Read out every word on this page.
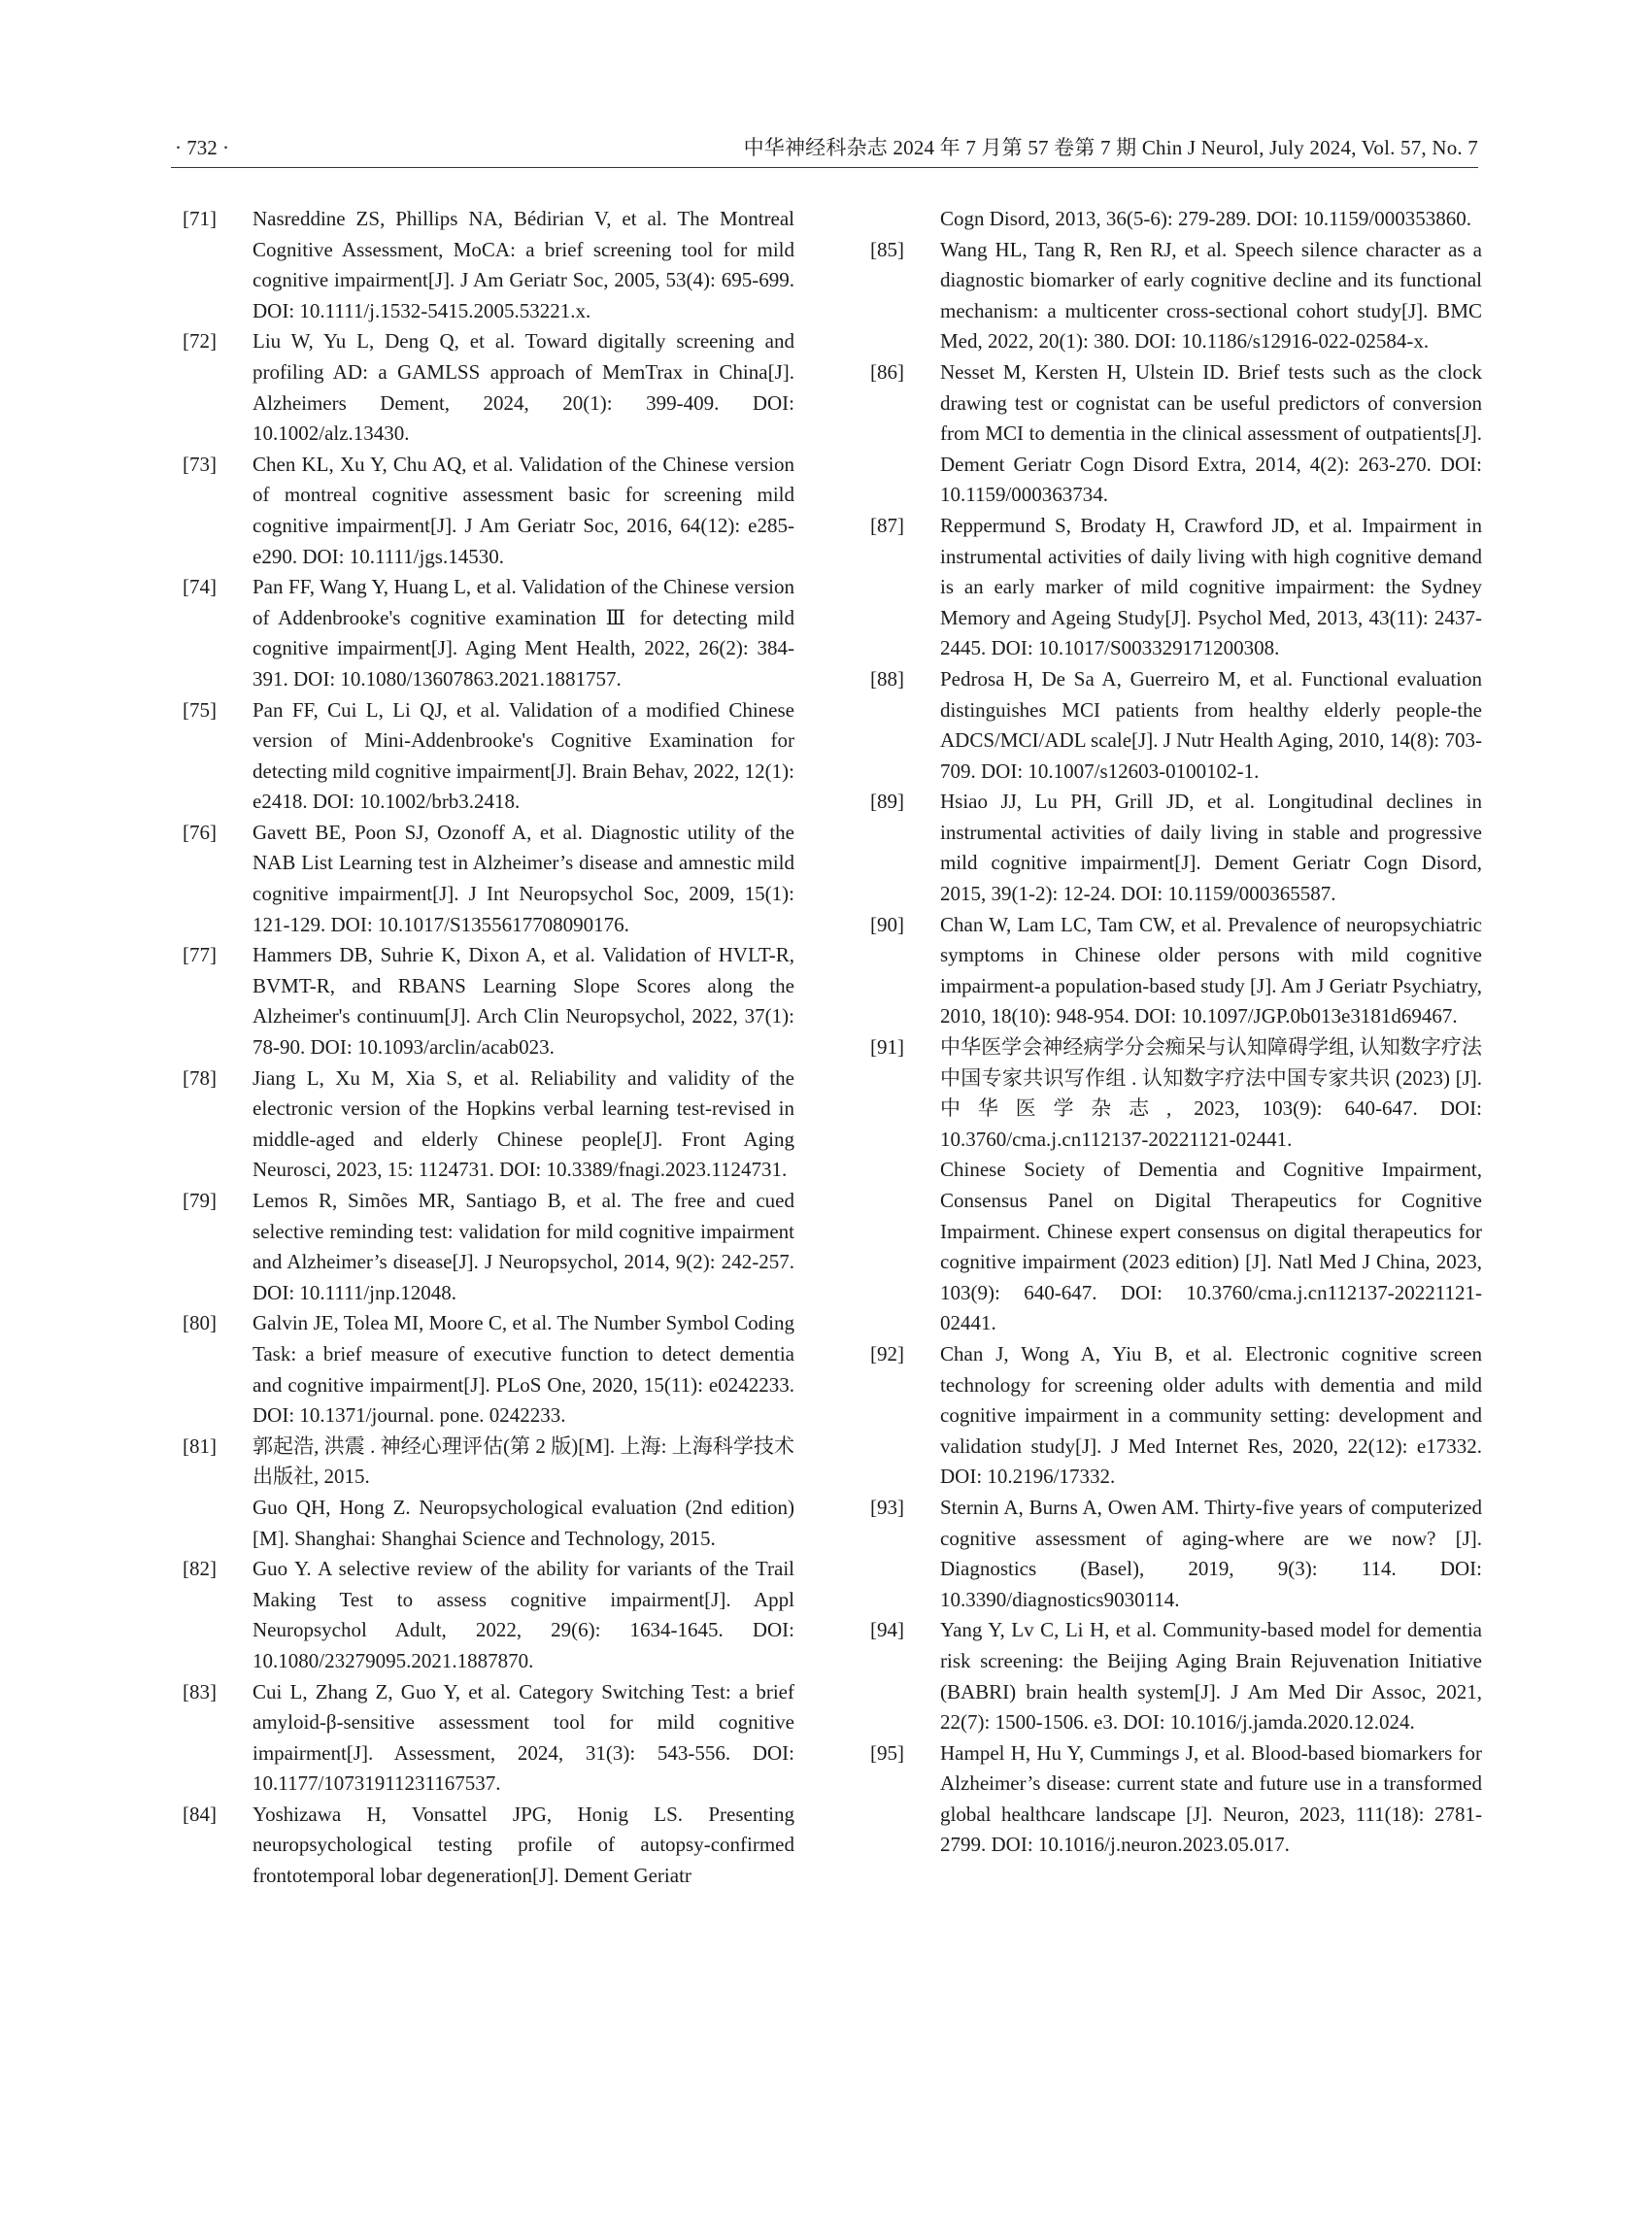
· 732 ·	中华神经科杂志 2024 年 7 月第 57 卷第 7 期 Chin J Neurol, July 2024, Vol. 57, No. 7
[71] Nasreddine ZS, Phillips NA, Bédirian V, et al. The Montreal Cognitive Assessment, MoCA: a brief screening tool for mild cognitive impairment[J]. J Am Geriatr Soc, 2005, 53(4): 695-699. DOI: 10.1111/j.1532-5415.2005.53221.x.
[72] Liu W, Yu L, Deng Q, et al. Toward digitally screening and profiling AD: a GAMLSS approach of MemTrax in China[J]. Alzheimers Dement, 2024, 20(1): 399-409. DOI: 10.1002/alz.13430.
[73] Chen KL, Xu Y, Chu AQ, et al. Validation of the Chinese version of montreal cognitive assessment basic for screening mild cognitive impairment[J]. J Am Geriatr Soc, 2016, 64(12): e285-e290. DOI: 10.1111/jgs.14530.
[74] Pan FF, Wang Y, Huang L, et al. Validation of the Chinese version of Addenbrooke's cognitive examination Ⅲ for detecting mild cognitive impairment[J]. Aging Ment Health, 2022, 26(2): 384-391. DOI: 10.1080/13607863.2021.1881757.
[75] Pan FF, Cui L, Li QJ, et al. Validation of a modified Chinese version of Mini-Addenbrooke's Cognitive Examination for detecting mild cognitive impairment[J]. Brain Behav, 2022, 12(1): e2418. DOI: 10.1002/brb3.2418.
[76] Gavett BE, Poon SJ, Ozonoff A, et al. Diagnostic utility of the NAB List Learning test in Alzheimer’s disease and amnestic mild cognitive impairment[J]. J Int Neuropsychol Soc, 2009, 15(1): 121-129. DOI: 10.1017/S1355617708090176.
[77] Hammers DB, Suhrie K, Dixon A, et al. Validation of HVLT-R, BVMT-R, and RBANS Learning Slope Scores along the Alzheimer's continuum[J]. Arch Clin Neuropsychol, 2022, 37(1): 78-90. DOI: 10.1093/arclin/acab023.
[78] Jiang L, Xu M, Xia S, et al. Reliability and validity of the electronic version of the Hopkins verbal learning test-revised in middle-aged and elderly Chinese people[J]. Front Aging Neurosci, 2023, 15: 1124731. DOI: 10.3389/fnagi.2023.1124731.
[79] Lemos R, Simões MR, Santiago B, et al. The free and cued selective reminding test: validation for mild cognitive impairment and Alzheimer’s disease[J]. J Neuropsychol, 2014, 9(2): 242-257. DOI: 10.1111/jnp.12048.
[80] Galvin JE, Tolea MI, Moore C, et al. The Number Symbol Coding Task: a brief measure of executive function to detect dementia and cognitive impairment[J]. PLoS One, 2020, 15(11): e0242233. DOI: 10.1371/journal. pone. 0242233.
[81] 郭起浩, 洪震 . 神经心理评估(第 2 版)[M]. 上海: 上海科学技术出版社, 2015.
Guo QH, Hong Z. Neuropsychological evaluation (2nd edition) [M]. Shanghai: Shanghai Science and Technology, 2015.
[82] Guo Y. A selective review of the ability for variants of the Trail Making Test to assess cognitive impairment[J]. Appl Neuropsychol Adult, 2022, 29(6): 1634-1645. DOI: 10.1080/23279095.2021.1887870.
[83] Cui L, Zhang Z, Guo Y, et al. Category Switching Test: a brief amyloid-β-sensitive assessment tool for mild cognitive impairment[J]. Assessment, 2024, 31(3): 543-556. DOI: 10.1177/10731911231167537.
[84] Yoshizawa H, Vonsattel JPG, Honig LS. Presenting neuropsychological testing profile of autopsy-confirmed frontotemporal lobar degeneration[J]. Dement Geriatr
Cogn Disord, 2013, 36(5-6): 279-289. DOI: 10.1159/000353860.
[85] Wang HL, Tang R, Ren RJ, et al. Speech silence character as a diagnostic biomarker of early cognitive decline and its functional mechanism: a multicenter cross-sectional cohort study[J]. BMC Med, 2022, 20(1): 380. DOI: 10.1186/s12916-022-02584-x.
[86] Nesset M, Kersten H, Ulstein ID. Brief tests such as the clock drawing test or cognistat can be useful predictors of conversion from MCI to dementia in the clinical assessment of outpatients[J]. Dement Geriatr Cogn Disord Extra, 2014, 4(2): 263-270. DOI: 10.1159/000363734.
[87] Reppermund S, Brodaty H, Crawford JD, et al. Impairment in instrumental activities of daily living with high cognitive demand is an early marker of mild cognitive impairment: the Sydney Memory and Ageing Study[J]. Psychol Med, 2013, 43(11): 2437-2445. DOI: 10.1017/S003329171200308.
[88] Pedrosa H, De Sa A, Guerreiro M, et al. Functional evaluation distinguishes MCI patients from healthy elderly people-the ADCS/MCI/ADL scale[J]. J Nutr Health Aging, 2010, 14(8): 703-709. DOI: 10.1007/s12603-0100102-1.
[89] Hsiao JJ, Lu PH, Grill JD, et al. Longitudinal declines in instrumental activities of daily living in stable and progressive mild cognitive impairment[J]. Dement Geriatr Cogn Disord, 2015, 39(1-2): 12-24. DOI: 10.1159/000365587.
[90] Chan W, Lam LC, Tam CW, et al. Prevalence of neuropsychiatric symptoms in Chinese older persons with mild cognitive impairment-a population-based study [J]. Am J Geriatr Psychiatry, 2010, 18(10): 948-954. DOI: 10.1097/JGP.0b013e3181d69467.
[91] 中华医学会神经病学分会痴呆与认知障碍学组, 认知数字疗法中国专家共识写作组 . 认知数字疗法中国专家共识 (2023) [J]. 中华医学杂志, 2023, 103(9): 640-647. DOI: 10.3760/cma.j.cn112137-20221121-02441.
Chinese Society of Dementia and Cognitive Impairment, Consensus Panel on Digital Therapeutics for Cognitive Impairment. Chinese expert consensus on digital therapeutics for cognitive impairment (2023 edition) [J]. Natl Med J China, 2023, 103(9): 640-647. DOI: 10.3760/cma.j.cn112137-20221121-02441.
[92] Chan J, Wong A, Yiu B, et al. Electronic cognitive screen technology for screening older adults with dementia and mild cognitive impairment in a community setting: development and validation study[J]. J Med Internet Res, 2020, 22(12): e17332. DOI: 10.2196/17332.
[93] Sternin A, Burns A, Owen AM. Thirty-five years of computerized cognitive assessment of aging-where are we now? [J]. Diagnostics (Basel), 2019, 9(3): 114. DOI: 10.3390/diagnostics9030114.
[94] Yang Y, Lv C, Li H, et al. Community-based model for dementia risk screening: the Beijing Aging Brain Rejuvenation Initiative (BABRI) brain health system[J]. J Am Med Dir Assoc, 2021, 22(7): 1500-1506. e3. DOI: 10.1016/j.jamda.2020.12.024.
[95] Hampel H, Hu Y, Cummings J, et al. Blood-based biomarkers for Alzheimer’s disease: current state and future use in a transformed global healthcare landscape [J]. Neuron, 2023, 111(18): 2781-2799. DOI: 10.1016/j.neuron.2023.05.017.
